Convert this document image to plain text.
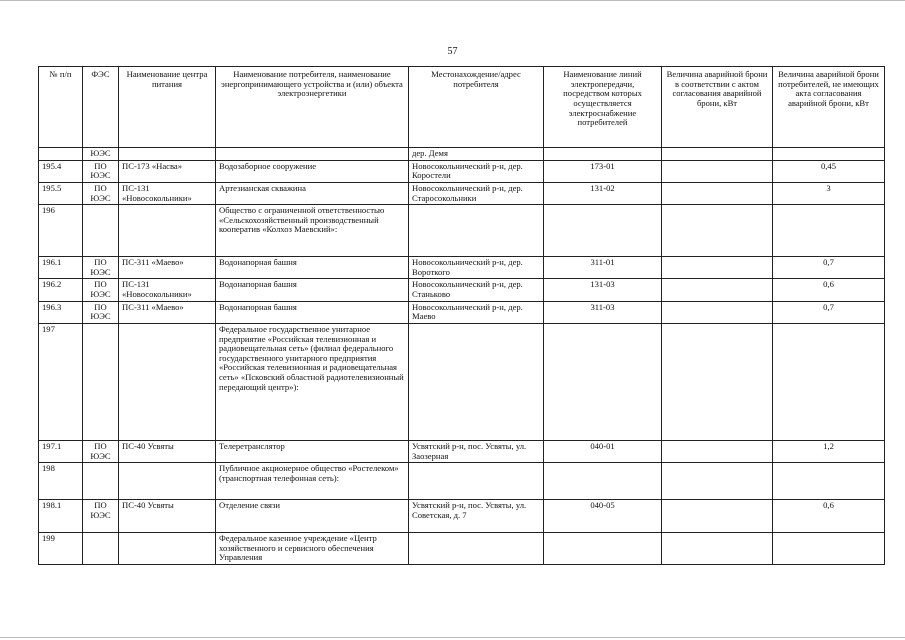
57
№ п/п	ФЭС	Наименование центра питания	Наименование потребителя, наименование энергопринимающего устройства и (или) объекта электроэнергетики	Местонахождение/адрес потребителя	Наименование линий электропередачи, посредством которых осуществляется электроснабжение потребителей	Величина аварийной брони в соответствии с актом согласования аварийной брони, кВт	Величина аварийной брони потребителей, не имеющих акта согласования аварийной брони, кВт
	ЮЭС			дер. Демя			
195.4	ПО ЮЭС	ПС-173 «Насва»	Водозаборное сооружение	Новосокольнический р-н, дер. Коростели	173-01		0,45
195.5	ПО ЮЭС	ПС-131 «Новосокольники»	Артезианская скважина	Новосокольнический р-н, дер. Старосокольники	131-02		3
196			Общество с ограниченной ответственностью «Сельскохозяйственный производственный кооператив «Колхоз Маевский»:				
196.1	ПО ЮЭС	ПС-311 «Маево»	Водонапорная башня	Новосокольнический р-н, дер. Вороткого	311-01		0,7
196.2	ПО ЮЭС	ПС-131 «Новосокольники»	Водонапорная башня	Новосокольнический р-н, дер. Станьково	131-03		0,6
196.3	ПО ЮЭС	ПС-311 «Маево»	Водонапорная башня	Новосокольнический р-н, дер. Маево	311-03		0,7
197			Федеральное государственное унитарное предприятие «Российская телевизионная и радиовещательная сеть» (филиал федерального государственного унитарного предприятия «Российская телевизионная и радиовещательная сеть» «Псковский областной радиотелевизионный передающий центр»):				
197.1	ПО ЮЭС	ПС-40 Усвяты	Телеретранслятор	Усвятский р-н, пос. Усвяты, ул. Заозерная	040-01		1,2
198			Публичное акционерное общество «Ростелеком» (транспортная телефонная сеть):				
198.1	ПО ЮЭС	ПС-40 Усвяты	Отделение связи	Усвятский р-н, пос. Усвяты, ул. Советская, д. 7	040-05		0,6
199			Федеральное казенное учреждение «Центр хозяйственного и сервисного обеспечения Управления				
